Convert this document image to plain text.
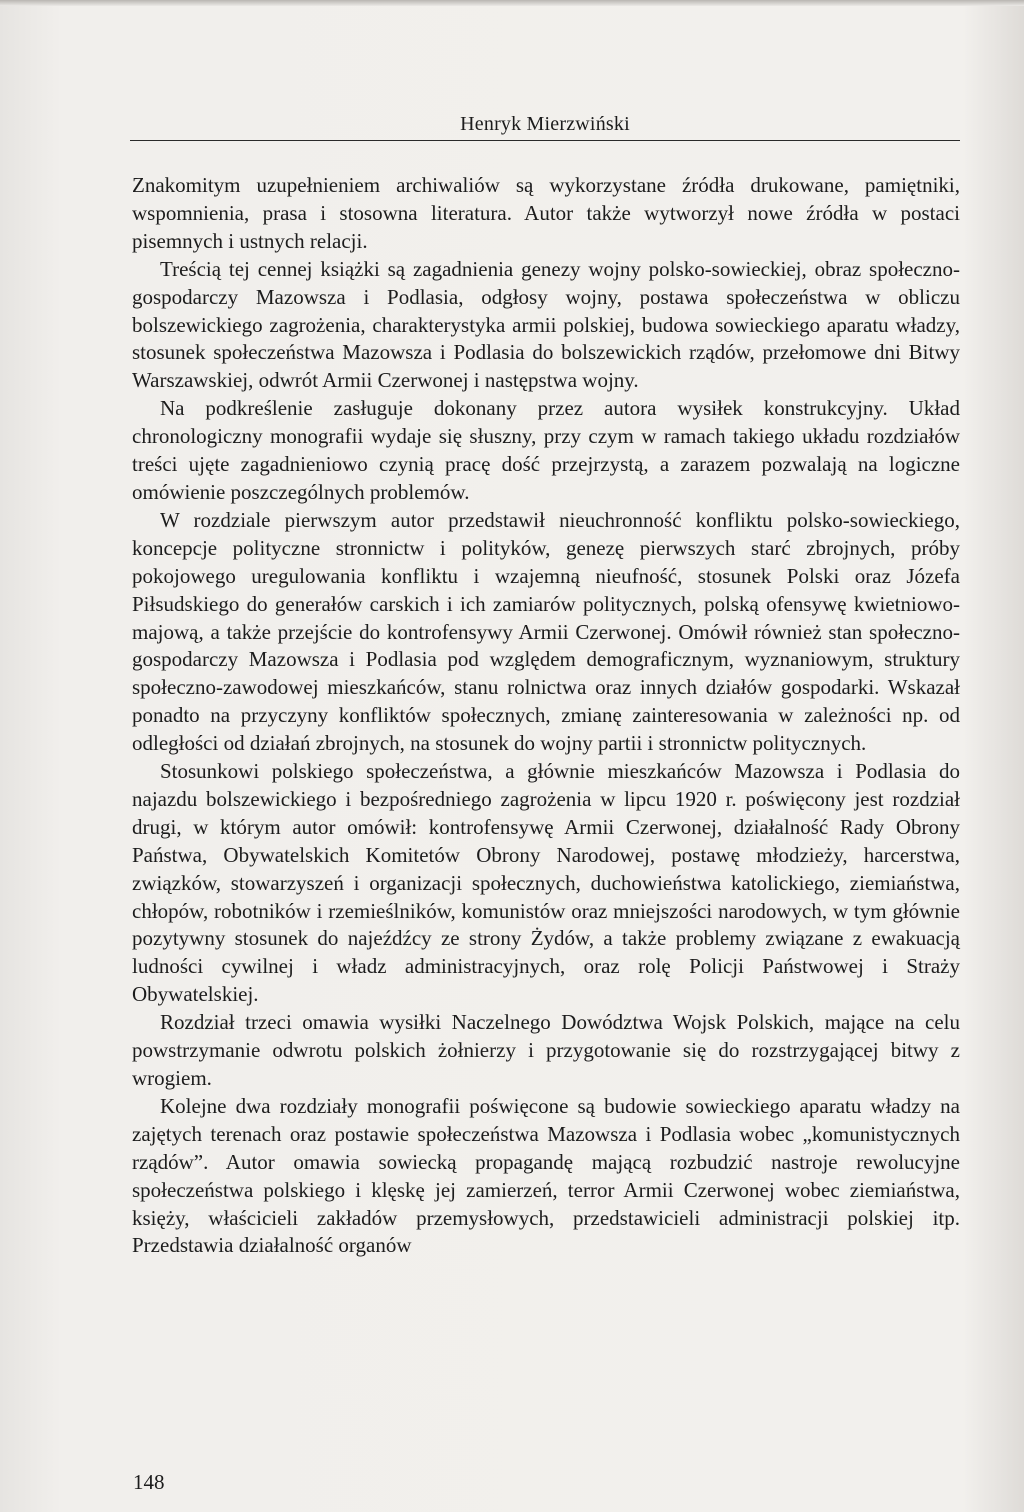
Henryk Mierzwiński

Znakomitym uzupełnieniem archiwaliów są wykorzystane źródła drukowane, pamiętniki, wspomnienia, prasa i stosowna literatura. Autor także wytworzył nowe źródła w postaci pisemnych i ustnych relacji.

Treścią tej cennej książki są zagadnienia genezy wojny polsko-sowieckiej, obraz społeczno-gospodarczy Mazowsza i Podlasia, odgłosy wojny, postawa społeczeństwa w obliczu bolszewickiego zagrożenia, charakterystyka armii polskiej, budowa sowieckiego aparatu władzy, stosunek społeczeństwa Mazowsza i Podlasia do bolszewickich rządów, przełomowe dni Bitwy Warszawskiej, odwrót Armii Czerwonej i następstwa wojny.

Na podkreślenie zasługuje dokonany przez autora wysiłek konstrukcyjny. Układ chronologiczny monografii wydaje się słuszny, przy czym w ramach takiego układu rozdziałów treści ujęte zagadnieniowo czynią pracę dość przejrzystą, a zarazem pozwalają na logiczne omówienie poszczególnych problemów.

W rozdziale pierwszym autor przedstawił nieuchronność konfliktu polsko-sowieckiego, koncepcje polityczne stronnictw i polityków, genezę pierwszych starć zbrojnych, próby pokojowego uregulowania konfliktu i wzajemną nieufność, stosunek Polski oraz Józefa Piłsudskiego do generałów carskich i ich zamiarów politycznych, polską ofensywę kwietniowo-majową, a także przejście do kontrofensywy Armii Czerwonej. Omówił również stan społeczno-gospodarczy Mazowsza i Podlasia pod względem demograficznym, wyznaniowym, struktury społeczno-zawodowej mieszkańców, stanu rolnictwa oraz innych działów gospodarki. Wskazał ponadto na przyczyny konfliktów społecznych, zmianę zainteresowania w zależności np. od odległości od działań zbrojnych, na stosunek do wojny partii i stronnictw politycznych.

Stosunkowi polskiego społeczeństwa, a głównie mieszkańców Mazowsza i Podlasia do najazdu bolszewickiego i bezpośredniego zagrożenia w lipcu 1920 r. poświęcony jest rozdział drugi, w którym autor omówił: kontrofensywę Armii Czerwonej, działalność Rady Obrony Państwa, Obywatelskich Komitetów Obrony Narodowej, postawę młodzieży, harcerstwa, związków, stowarzyszeń i organizacji społecznych, duchowieństwa katolickiego, ziemiaństwa, chłopów, robotników i rzemieślników, komunistów oraz mniejszości narodowych, w tym głównie pozytywny stosunek do najeźdźcy ze strony Żydów, a także problemy związane z ewakuacją ludności cywilnej i władz administracyjnych, oraz rolę Policji Państwowej i Straży Obywatelskiej.

Rozdział trzeci omawia wysiłki Naczelnego Dowództwa Wojsk Polskich, mające na celu powstrzymanie odwrotu polskich żołnierzy i przygotowanie się do rozstrzygającej bitwy z wrogiem.

Kolejne dwa rozdziały monografii poświęcone są budowie sowieckiego aparatu władzy na zajętych terenach oraz postawie społeczeństwa Mazowsza i Podlasia wobec „komunistycznych rządów”. Autor omawia sowiecką propagandę mającą rozbudzić nastroje rewolucyjne społeczeństwa polskiego i klęskę jej zamierzeń, terror Armii Czerwonej wobec ziemiaństwa, księży, właścicieli zakładów przemysłowych, przedstawicieli administracji polskiej itp. Przedstawia działalność organów

148
